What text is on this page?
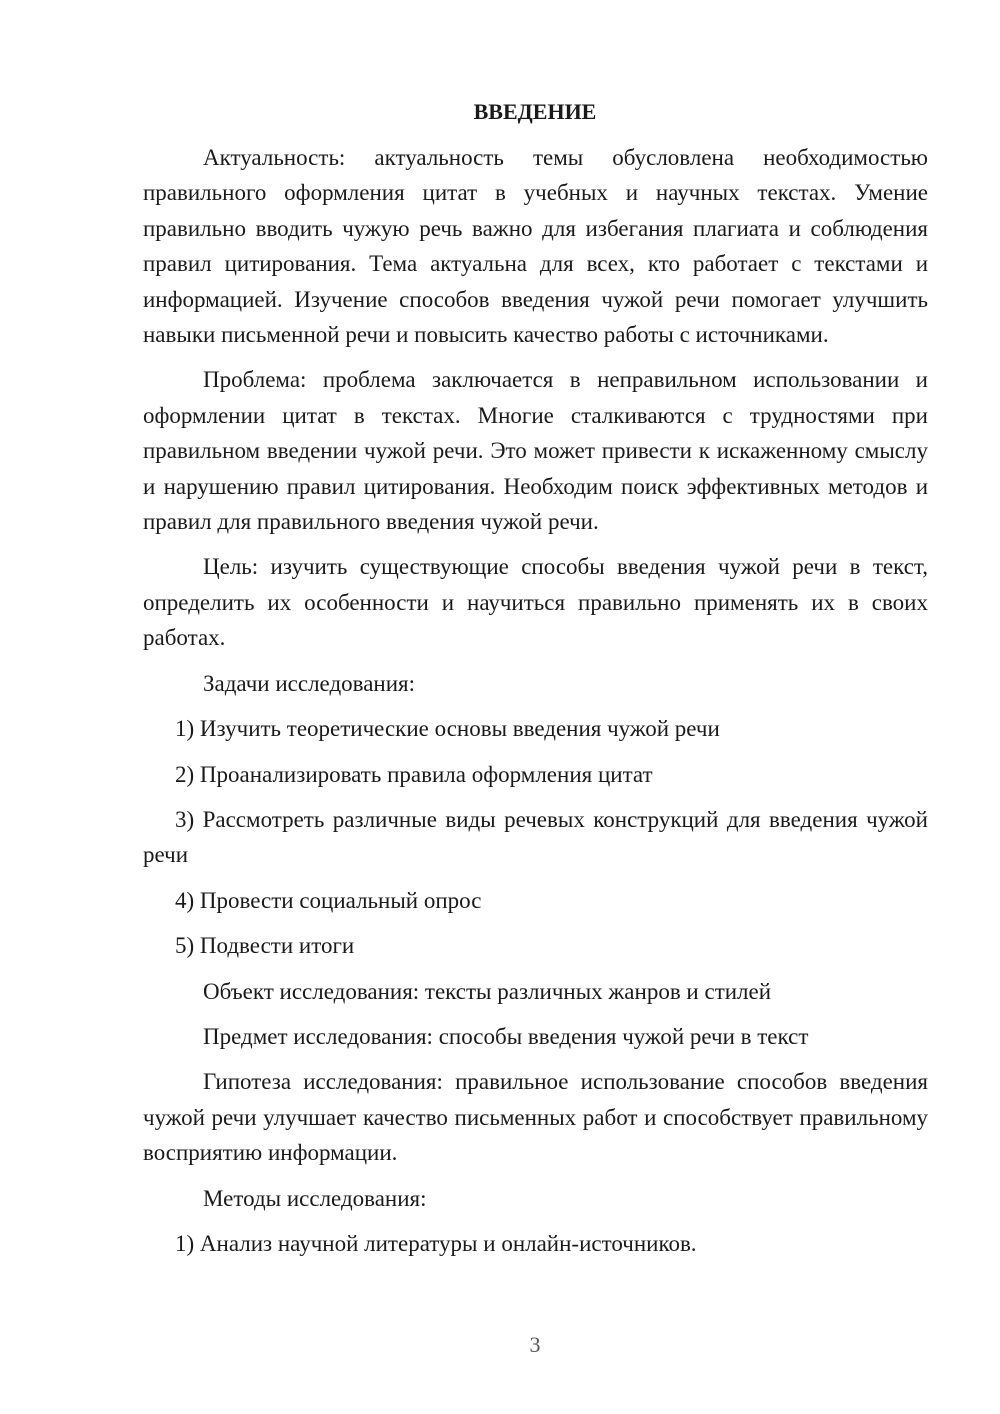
ВВЕДЕНИЕ

Актуальность: актуальность темы обусловлена необходимостью правильного оформления цитат в учебных и научных текстах. Умение правильно вводить чужую речь важно для избегания плагиата и соблюдения правил цитирования. Тема актуальна для всех, кто работает с текстами и информацией. Изучение способов введения чужой речи помогает улучшить навыки письменной речи и повысить качество работы с источниками.

Проблема: проблема заключается в неправильном использовании и оформлении цитат в текстах. Многие сталкиваются с трудностями при правильном введении чужой речи. Это может привести к искаженному смыслу и нарушению правил цитирования. Необходим поиск эффективных методов и правил для правильного введения чужой речи.

Цель: изучить существующие способы введения чужой речи в текст, определить их особенности и научиться правильно применять их в своих работах.

Задачи исследования:

1) Изучить теоретические основы введения чужой речи

2) Проанализировать правила оформления цитат

3) Рассмотреть различные виды речевых конструкций для введения чужой речи

4) Провести социальный опрос

5) Подвести итоги

Объект исследования: тексты различных жанров и стилей

Предмет исследования: способы введения чужой речи в текст

Гипотеза исследования: правильное использование способов введения чужой речи улучшает качество письменных работ и способствует правильному восприятию информации.

Методы исследования:

1) Анализ научной литературы и онлайн-источников.

3
